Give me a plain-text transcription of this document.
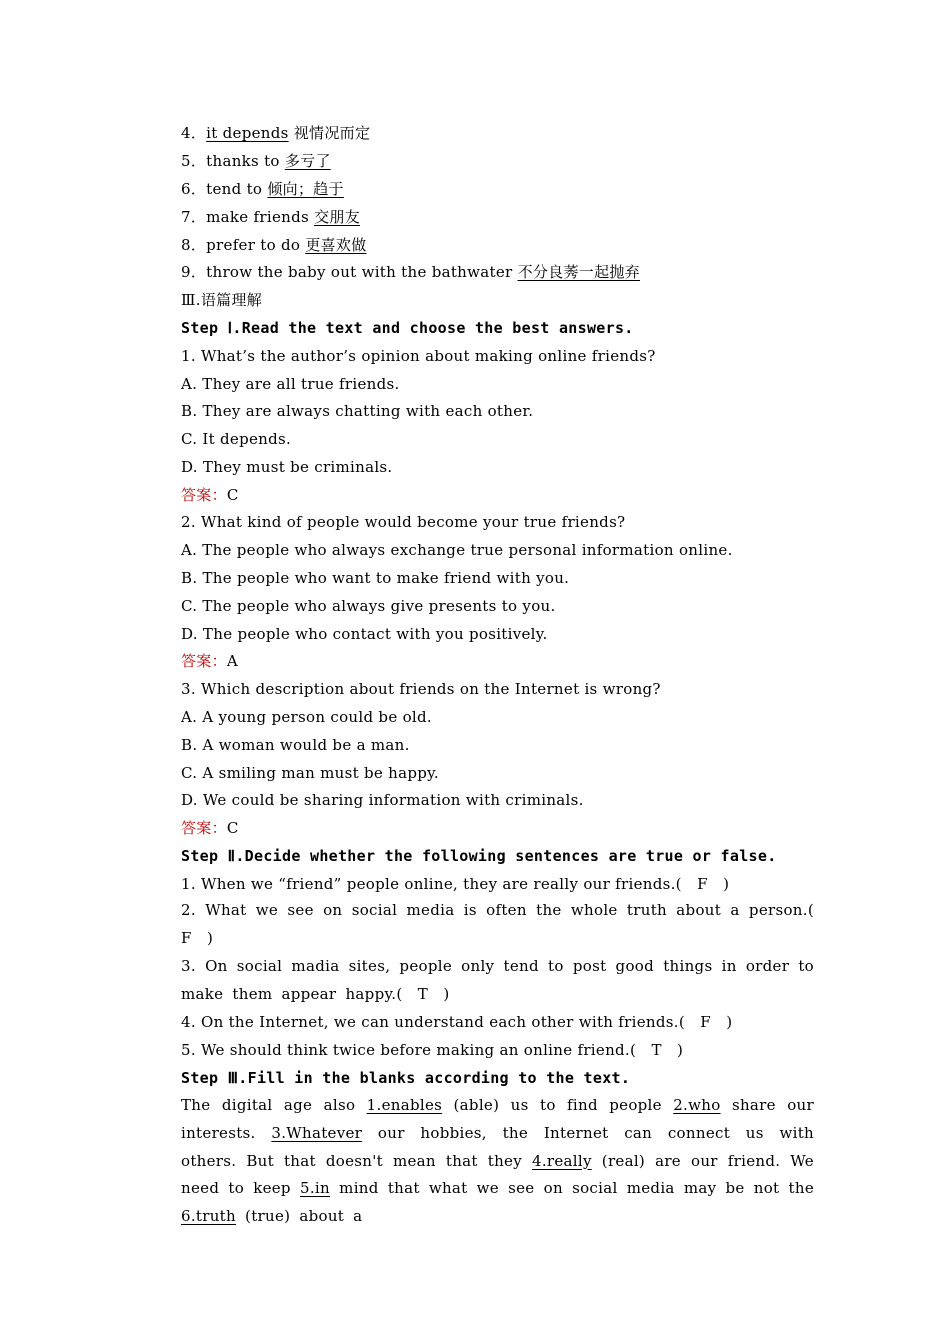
4．it depends 视情况而定
5．thanks to 多亏了
6．tend to 倾向；趋于
7．make friends 交朋友
8．prefer to do 更喜欢做
9．throw the baby out with the bathwater 不分良莠一起抛弃
Ⅲ.语篇理解
Step Ⅰ.Read the text and choose the best answers.
1. What’s the author’s opinion about making online friends?
A. They are all true friends.
B. They are always chatting with each other.
C. It depends.
D. They must be criminals.
答案：C
2. What kind of people would become your true friends?
A. The people who always exchange true personal information online.
B. The people who want to make friend with you.
C. The people who always give presents to you.
D. The people who contact with you positively.
答案：A
3. Which description about friends on the Internet is wrong?
A. A young person could be old.
B. A woman would be a man.
C. A smiling man must be happy.
D. We could be sharing information with criminals.
答案：C
Step Ⅱ.Decide whether the following sentences are true or false.
1. When we “friend” people online, they are really our friends.(　F　)
2. What we see on social media is often the whole truth about a person.(　F　)
3. On social madia sites, people only tend to post good things in order to make them appear happy.(　T　)
4. On the Internet, we can understand each other with friends.(　F　)
5. We should think twice before making an online friend.(　T　)
Step Ⅲ.Fill in the blanks according to the text.
The digital age also 1.enables (able) us to find people 2.who share our interests. 3.Whatever our hobbies, the Internet can connect us with others. But that doesn't mean that they 4.really (real) are our friend. We need to keep 5.in mind that what we see on social media may be not the 6.truth (true) about a
